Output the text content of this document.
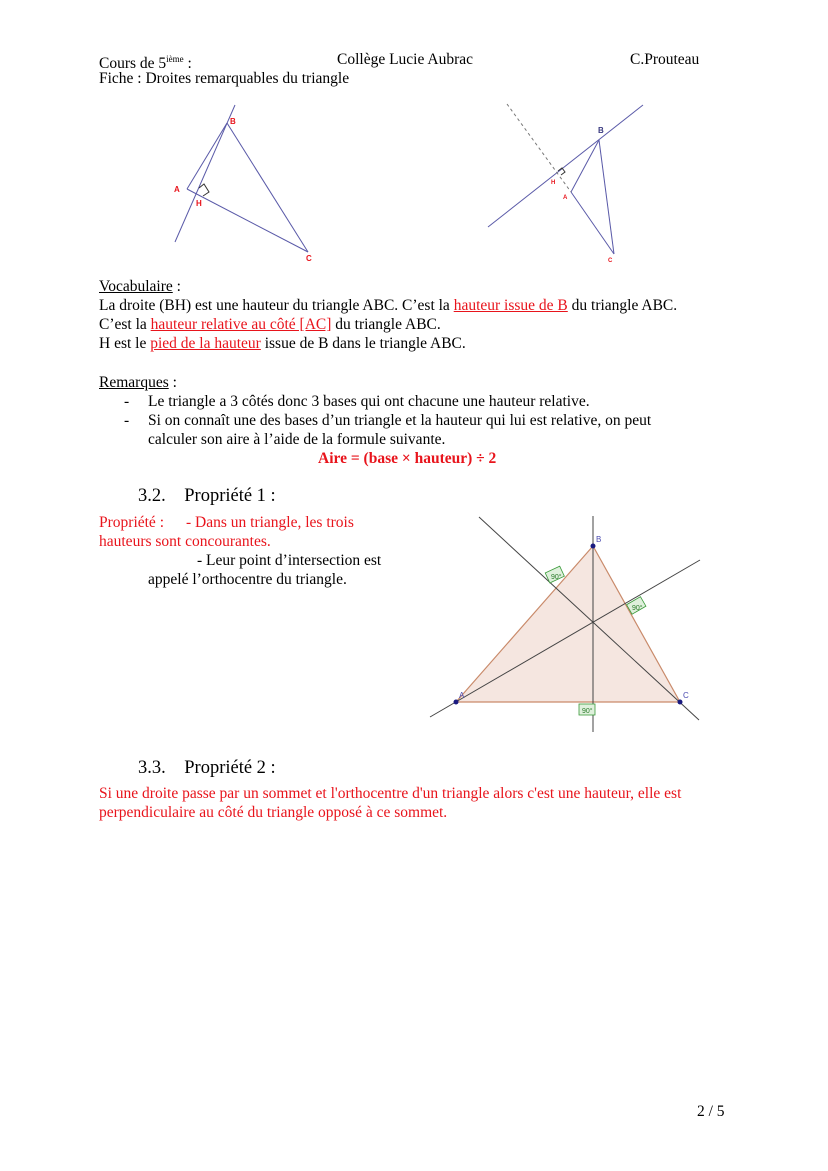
Cours de 5ième :	Collège Lucie Aubrac	C.Prouteau
Fiche : Droites remarquables du triangle
B
A
H
C
B
H
A
C
90°
90°
90°
B
A	C
Vocabulaire :
La droite (BH) est une hauteur du triangle ABC. C’est la hauteur issue de B du triangle ABC.
C’est la hauteur relative au côté [AC] du triangle ABC.
H est le pied de la hauteur issue de B dans le triangle ABC.
Remarques :
- Le triangle a 3 côtés donc 3 bases qui ont chacune une hauteur relative.
- Si on connaît une des bases d’un triangle et la hauteur qui lui est relative, on peut
calculer son aire à l’aide de la formule suivante.
Aire = (base × hauteur) ÷ 2
3.2. Propriété 1 :
Propriété : - Dans un triangle, les trois
hauteurs sont concourantes.
- Leur point d’intersection est
appelé l’orthocentre du triangle.
3.3. Propriété 2 :
Si une droite passe par un sommet et l'orthocentre d'un triangle alors c'est une hauteur, elle est
perpendiculaire au côté du triangle opposé à ce sommet.
2 / 5
